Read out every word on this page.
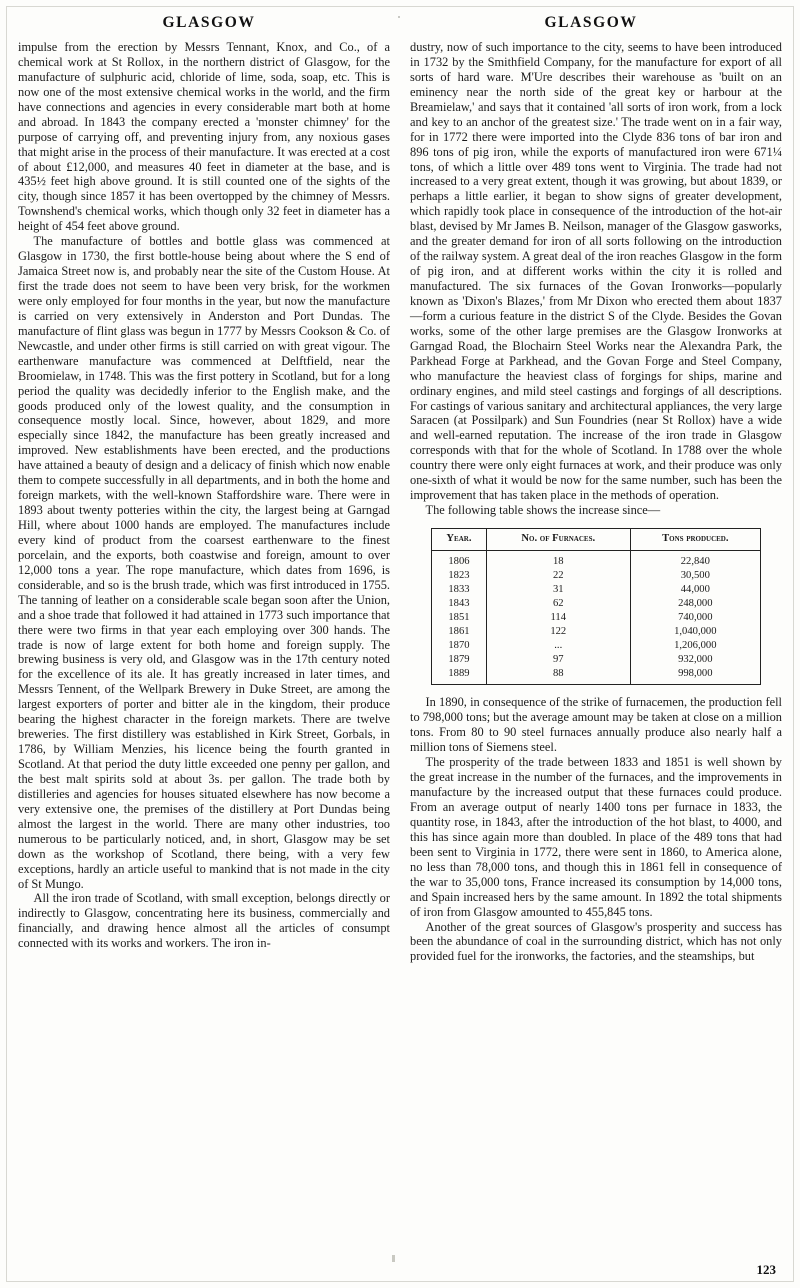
GLASGOW	GLASGOW

impulse from the erection by Messrs Tennant, Knox, and Co., of a chemical work at St Rollox, in the northern district of Glasgow, for the manufacture of sulphuric acid, chloride of lime, soda, soap, etc. This is now one of the most extensive chemical works in the world, and the firm have connections and agencies in every considerable mart both at home and abroad. In 1843 the company erected a 'monster chimney' for the purpose of carrying off, and preventing injury from, any noxious gases that might arise in the process of their manufacture. It was erected at a cost of about £12,000, and measures 40 feet in diameter at the base, and is 435½ feet high above ground. It is still counted one of the sights of the city, though since 1857 it has been overtopped by the chimney of Messrs. Townshend's chemical works, which though only 32 feet in diameter has a height of 454 feet above ground.

The manufacture of bottles and bottle glass was commenced at Glasgow in 1730, the first bottle-house being about where the S end of Jamaica Street now is, and probably near the site of the Custom House. At first the trade does not seem to have been very brisk, for the workmen were only employed for four months in the year, but now the manufacture is carried on very extensively in Anderston and Port Dundas. The manufacture of flint glass was begun in 1777 by Messrs Cookson & Co. of Newcastle, and under other firms is still carried on with great vigour. The earthenware manufacture was commenced at Delftfield, near the Broomielaw, in 1748. This was the first pottery in Scotland, but for a long period the quality was decidedly inferior to the English make, and the goods produced only of the lowest quality, and the consumption in consequence mostly local. Since, however, about 1829, and more especially since 1842, the manufacture has been greatly increased and improved. New establishments have been erected, and the productions have attained a beauty of design and a delicacy of finish which now enable them to compete successfully in all departments, and in both the home and foreign markets, with the well-known Staffordshire ware. There were in 1893 about twenty potteries within the city, the largest being at Garngad Hill, where about 1000 hands are employed. The manufactures include every kind of product from the coarsest earthenware to the finest porcelain, and the exports, both coastwise and foreign, amount to over 12,000 tons a year. The rope manufacture, which dates from 1696, is considerable, and so is the brush trade, which was first introduced in 1755. The tanning of leather on a considerable scale began soon after the Union, and a shoe trade that followed it had attained in 1773 such importance that there were two firms in that year each employing over 300 hands. The trade is now of large extent for both home and foreign supply. The brewing business is very old, and Glasgow was in the 17th century noted for the excellence of its ale. It has greatly increased in later times, and Messrs Tennent, of the Wellpark Brewery in Duke Street, are among the largest exporters of porter and bitter ale in the kingdom, their produce bearing the highest character in the foreign markets. There are twelve breweries. The first distillery was established in Kirk Street, Gorbals, in 1786, by William Menzies, his licence being the fourth granted in Scotland. At that period the duty little exceeded one penny per gallon, and the best malt spirits sold at about 3s. per gallon. The trade both by distilleries and agencies for houses situated elsewhere has now become a very extensive one, the premises of the distillery at Port Dundas being almost the largest in the world. There are many other industries, too numerous to be particularly noticed, and, in short, Glasgow may be set down as the workshop of Scotland, there being, with a very few exceptions, hardly an article useful to mankind that is not made in the city of St Mungo.

All the iron trade of Scotland, with small exception, belongs directly or indirectly to Glasgow, concentrating here its business, commercially and financially, and drawing hence almost all the articles of consumpt connected with its works and workers. The iron in-

dustry, now of such importance to the city, seems to have been introduced in 1732 by the Smithfield Company, for the manufacture for export of all sorts of hard ware. M'Ure describes their warehouse as 'built on an eminency near the north side of the great key or harbour at the Breamielaw,' and says that it contained 'all sorts of iron work, from a lock and key to an anchor of the greatest size.' The trade went on in a fair way, for in 1772 there were imported into the Clyde 836 tons of bar iron and 896 tons of pig iron, while the exports of manufactured iron were 671¼ tons, of which a little over 489 tons went to Virginia. The trade had not increased to a very great extent, though it was growing, but about 1839, or perhaps a little earlier, it began to show signs of greater development, which rapidly took place in consequence of the introduction of the hot-air blast, devised by Mr James B. Neilson, manager of the Glasgow gasworks, and the greater demand for iron of all sorts following on the introduction of the railway system. A great deal of the iron reaches Glasgow in the form of pig iron, and at different works within the city it is rolled and manufactured. The six furnaces of the Govan Ironworks—popularly known as 'Dixon's Blazes,' from Mr Dixon who erected them about 1837—form a curious feature in the district S of the Clyde. Besides the Govan works, some of the other large premises are the Glasgow Ironworks at Garngad Road, the Blochairn Steel Works near the Alexandra Park, the Parkhead Forge at Parkhead, and the Govan Forge and Steel Company, who manufacture the heaviest class of forgings for ships, marine and ordinary engines, and mild steel castings and forgings of all descriptions. For castings of various sanitary and architectural appliances, the very large Saracen (at Possilpark) and Sun Foundries (near St Rollox) have a wide and well-earned reputation. The increase of the iron trade in Glasgow corresponds with that for the whole of Scotland. In 1788 over the whole country there were only eight furnaces at work, and their produce was only one-sixth of what it would be now for the same number, such has been the improvement that has taken place in the methods of operation.

The following table shows the increase since—

Year.	No. of Furnaces.	Tons produced.
1806	18	22,840
1823	22	30,500
1833	31	44,000
1843	62	248,000
1851	114	740,000
1861	122	1,040,000
1870	...	1,206,000
1879	97	932,000
1889	88	998,000

In 1890, in consequence of the strike of furnacemen, the production fell to 798,000 tons; but the average amount may be taken at close on a million tons. From 80 to 90 steel furnaces annually produce also nearly half a million tons of Siemens steel.

The prosperity of the trade between 1833 and 1851 is well shown by the great increase in the number of the furnaces, and the improvements in manufacture by the increased output that these furnaces could produce. From an average output of nearly 1400 tons per furnace in 1833, the quantity rose, in 1843, after the introduction of the hot blast, to 4000, and this has since again more than doubled. In place of the 489 tons that had been sent to Virginia in 1772, there were sent in 1860, to America alone, no less than 78,000 tons, and though this in 1861 fell in consequence of the war to 35,000 tons, France increased its consumption by 14,000 tons, and Spain increased hers by the same amount. In 1892 the total shipments of iron from Glasgow amounted to 455,845 tons.

Another of the great sources of Glasgow's prosperity and success has been the abundance of coal in the surrounding district, which has not only provided fuel for the ironworks, the factories, and the steamships, but

123
